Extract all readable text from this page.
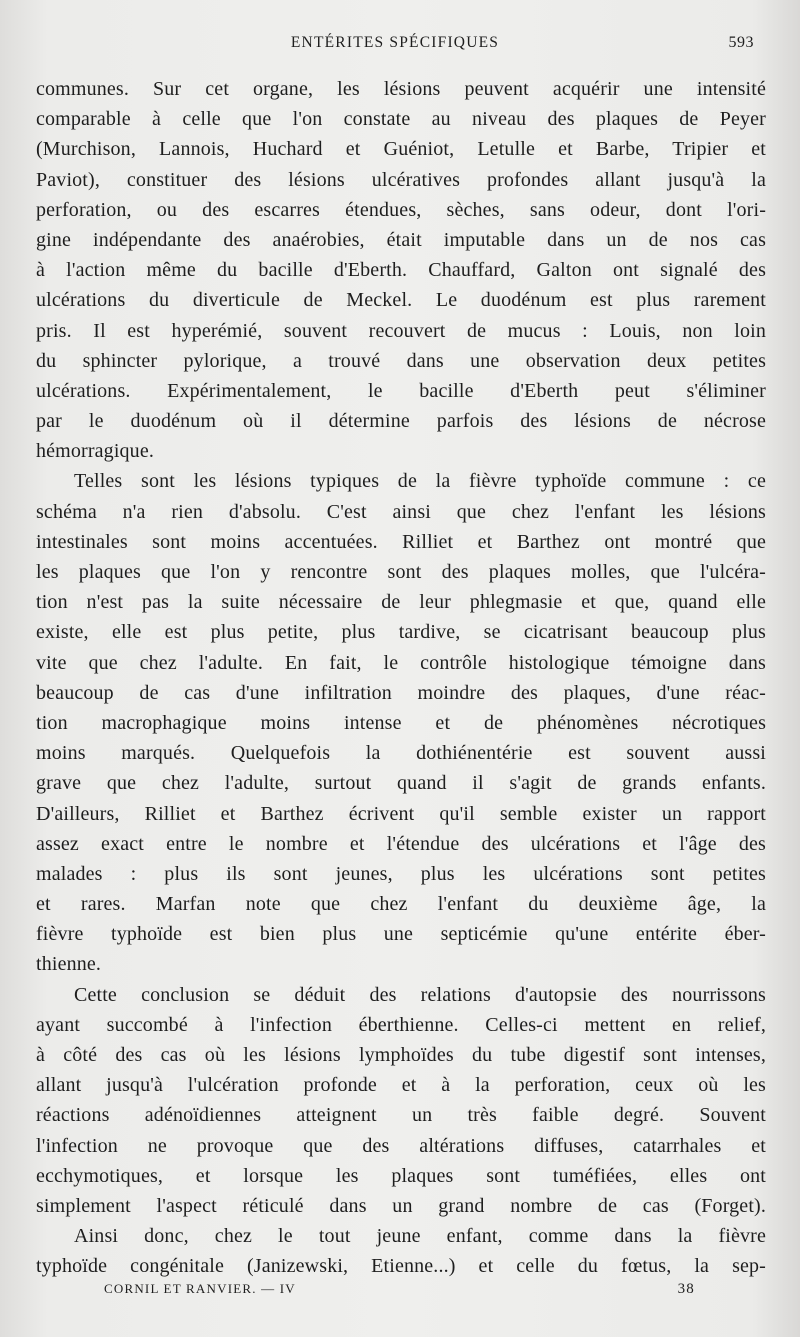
ENTÉRITES SPÉCIFIQUES	593
communes. Sur cet organe, les lésions peuvent acquérir une intensité
comparable à celle que l'on constate au niveau des plaques de Peyer
(Murchison, Lannois, Huchard et Guéniot, Letulle et Barbe, Tripier et
Paviot), constituer des lésions ulcératives profondes allant jusqu'à la
perforation, ou des escarres étendues, sèches, sans odeur, dont l'ori-
gine indépendante des anaérobies, était imputable dans un de nos cas
à l'action même du bacille d'Eberth. Chauffard, Galton ont signalé des
ulcérations du diverticule de Meckel. Le duodénum est plus rarement
pris. Il est hyperémié, souvent recouvert de mucus : Louis, non loin
du sphincter pylorique, a trouvé dans une observation deux petites
ulcérations. Expérimentalement, le bacille d'Eberth peut s'éliminer
par le duodénum où il détermine parfois des lésions de nécrose
hémorragique.
Telles sont les lésions typiques de la fièvre typhoïde commune : ce
schéma n'a rien d'absolu. C'est ainsi que chez l'enfant les lésions
intestinales sont moins accentuées. Rilliet et Barthez ont montré que
les plaques que l'on y rencontre sont des plaques molles, que l'ulcéra-
tion n'est pas la suite nécessaire de leur phlegmasie et que, quand elle
existe, elle est plus petite, plus tardive, se cicatrisant beaucoup plus
vite que chez l'adulte. En fait, le contrôle histologique témoigne dans
beaucoup de cas d'une infiltration moindre des plaques, d'une réac-
tion macrophagique moins intense et de phénomènes nécrotiques
moins marqués. Quelquefois la dothiénentérie est souvent aussi
grave que chez l'adulte, surtout quand il s'agit de grands enfants.
D'ailleurs, Rilliet et Barthez écrivent qu'il semble exister un rapport
assez exact entre le nombre et l'étendue des ulcérations et l'âge des
malades : plus ils sont jeunes, plus les ulcérations sont petites
et rares. Marfan note que chez l'enfant du deuxième âge, la
fièvre typhoïde est bien plus une septicémie qu'une entérite éber-
thienne.
Cette conclusion se déduit des relations d'autopsie des nourrissons
ayant succombé à l'infection éberthienne. Celles-ci mettent en relief,
à côté des cas où les lésions lymphoïdes du tube digestif sont intenses,
allant jusqu'à l'ulcération profonde et à la perforation, ceux où les
réactions adénoïdiennes atteignent un très faible degré. Souvent
l'infection ne provoque que des altérations diffuses, catarrhales et
ecchymotiques, et lorsque les plaques sont tuméfiées, elles ont
simplement l'aspect réticulé dans un grand nombre de cas (Forget).
Ainsi donc, chez le tout jeune enfant, comme dans la fièvre
typhoïde congénitale (Janizewski, Etienne...) et celle du fœtus, la sep-
CORNIL ET RANVIER. — IV	38
